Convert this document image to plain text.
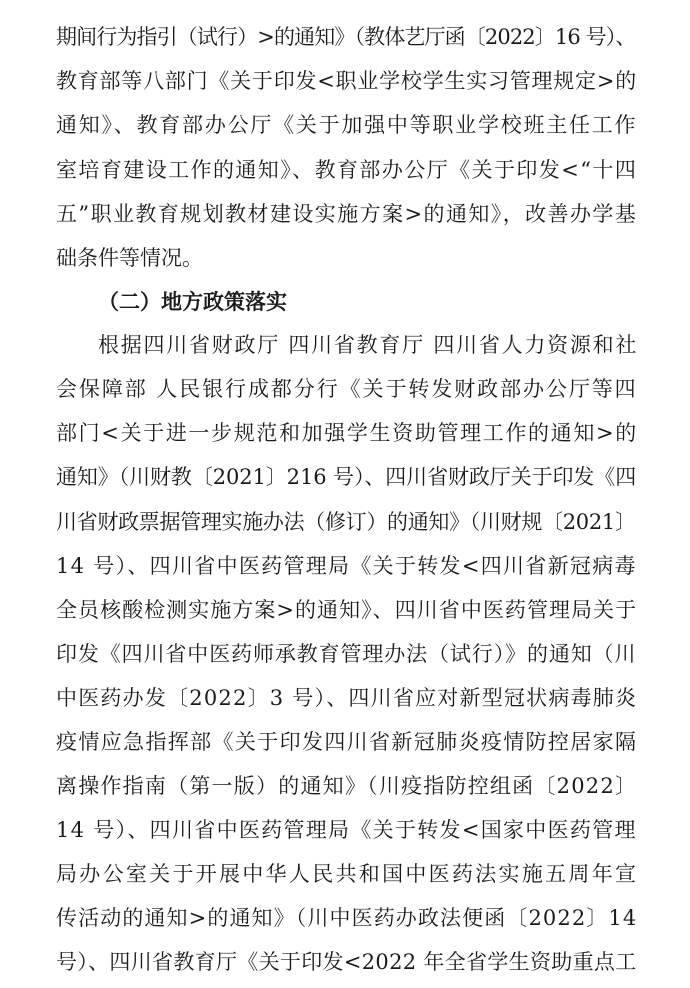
期间行为指引（试行）>的通知》（教体艺厅函〔2022〕16 号）、
教育部等八部门《关于印发<职业学校学生实习管理规定>的
通知》、教育部办公厅《关于加强中等职业学校班主任工作
室培育建设工作的通知》、教育部办公厅《关于印发<“十四
五”职业教育规划教材建设实施方案>的通知》，改善办学基
础条件等情况。
（二）地方政策落实
根据四川省财政厅 四川省教育厅 四川省人力资源和社
会保障部 人民银行成都分行《关于转发财政部办公厅等四
部门<关于进一步规范和加强学生资助管理工作的通知>的
通知》（川财教〔2021〕216 号）、四川省财政厅关于印发《四
川省财政票据管理实施办法（修订）的通知》（川财规〔2021〕
14 号）、四川省中医药管理局《关于转发<四川省新冠病毒
全员核酸检测实施方案>的通知》、四川省中医药管理局关于
印发《四川省中医药师承教育管理办法（试行）》的通知（川
中医药办发〔2022〕3 号）、四川省应对新型冠状病毒肺炎
疫情应急指挥部《关于印发四川省新冠肺炎疫情防控居家隔
离操作指南（第一版）的通知》（川疫指防控组函〔2022〕
14 号）、四川省中医药管理局《关于转发<国家中医药管理
局办公室关于开展中华人民共和国中医药法实施五周年宣
传活动的通知>的通知》（川中医药办政法便函〔2022〕14
号）、四川省教育厅《关于印发<2022 年全省学生资助重点工
